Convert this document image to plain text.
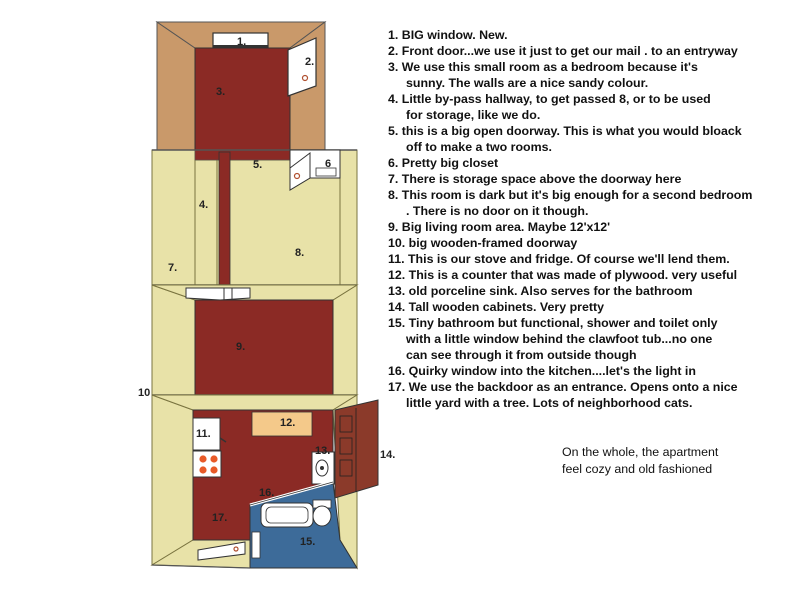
1.
2.
3.
4.
5.	6
7.
8.
9.
10
11.
12.
13.	14.
15.
16.
17.
1. BIG window. New.
2. Front door...we use it just to get our mail . to an entryway
3. We use this small room as a bedroom because it's
sunny. The walls are a nice sandy colour.
4. Little by-pass hallway, to get passed 8, or to be used
for storage, like we do.
5. this is a big open doorway. This is what you would bloack
off to make a two rooms.
6. Pretty big closet
7. There is storage space above the doorway here
8. This room is dark but it's big enough for a second bedroom
. There is no door on it though.
9. Big living room area. Maybe 12'x12'
10. big wooden-framed doorway
11. This is our stove and fridge. Of course we'll lend them.
12. This is a counter that was made of plywood. very useful
13. old porceline sink. Also serves for the bathroom
14. Tall wooden cabinets. Very pretty
15. Tiny bathroom but functional, shower and toilet only
with a little window behind the clawfoot tub...no one
can see through it from outside though
16. Quirky window into the kitchen....let's the light in
17. We use the backdoor as an entrance. Opens onto a nice
little yard with a tree. Lots of neighborhood cats.
On the whole, the apartment
feel cozy and old fashioned
